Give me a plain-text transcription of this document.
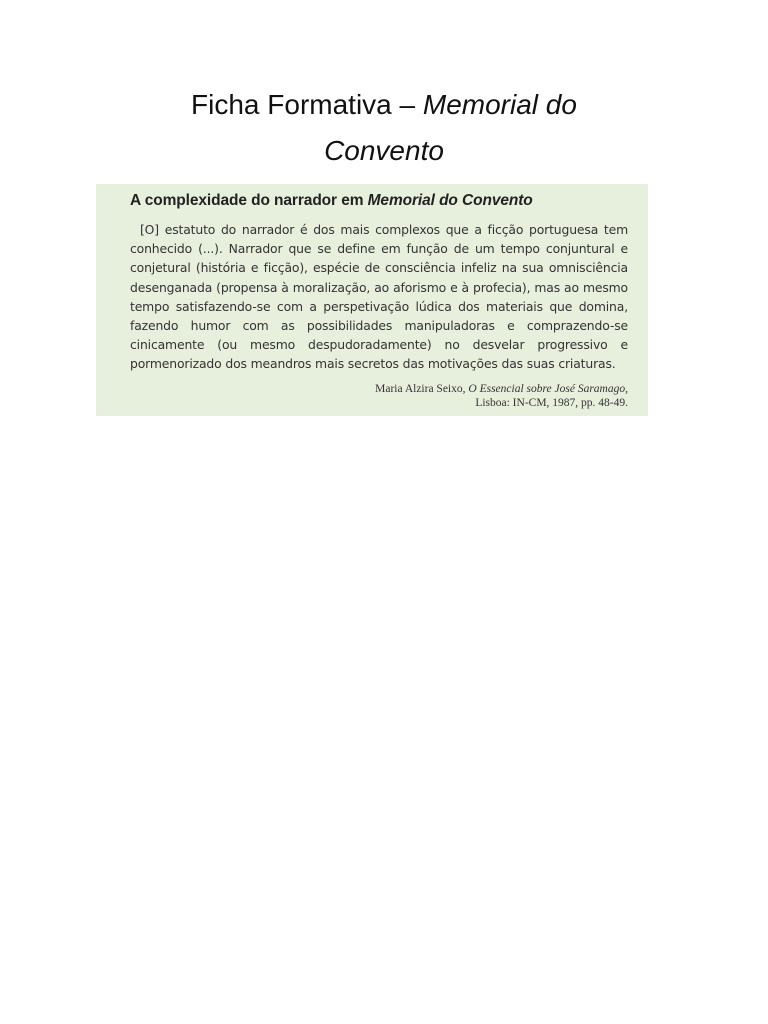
Ficha Formativa – Memorial do
Convento
A complexidade do narrador em Memorial do Convento

[O] estatuto do narrador é dos mais complexos que a ficção portuguesa tem conhecido (...). Narrador que se define em função de um tempo conjuntural e conjetural (história e ficção), espécie de consciência infeliz na sua omnisciência desenganada (propensa à moralização, ao aforismo e à profecia), mas ao mesmo tempo satisfazendo-se com a perspetivação lúdica dos materiais que domina, fazendo humor com as possibilidades manipuladoras e comprazendo-se cinicamente (ou mesmo despudoradamente) no desvelar progressivo e pormenorizado dos meandros mais secretos das motivações das suas criaturas.

Maria Alzira Seixo, O Essencial sobre José Saramago,
Lisboa: IN-CM, 1987, pp. 48-49.
